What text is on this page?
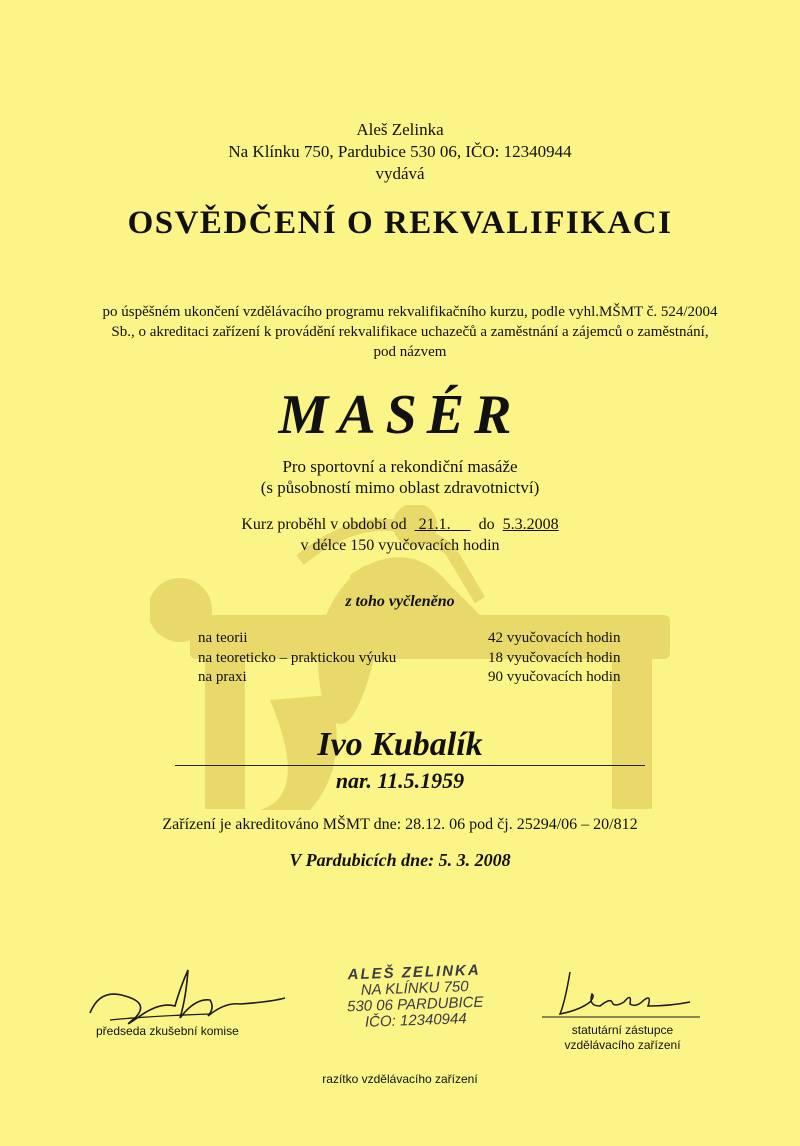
Aleš Zelinka
Na Klínku 750, Pardubice 530 06, IČO: 12340944
vydává
OSVĚDČENÍ O REKVALIFIKACI
po úspěšném ukončení vzdělávacího programu rekvalifikačního kurzu, podle vyhl.MŠMT č. 524/2004 Sb., o akreditaci zařízení k provádění rekvalifikace uchazečů a zaměstnání a zájemců o zaměstnání, pod názvem
MASÉR
Pro sportovní a rekondiční masáže
(s působností mimo oblast zdravotnictví)
Kurz proběhl v období od 21.1. do 5.3.2008
v délce 150 vyučovacích hodin
z toho vyčleněno
na teorii	42 vyučovacích hodin
na teoreticko – praktickou výuku	18 vyučovacích hodin
na praxi	90 vyučovacích hodin
Ivo Kubalík
nar. 11.5.1959
Zařízení je akreditováno MŠMT dne: 28.12. 06 pod čj. 25294/06 – 20/812
V Pardubicích dne: 5. 3. 2008
ALEŠ ZELINKA
NA KLÍNKU 750
530 06 PARDUBICE
IČO: 12340944
předseda zkušební komise	statutární zástupce
vzdělávacího zařízení
razítko vzdělávacího zařízení
